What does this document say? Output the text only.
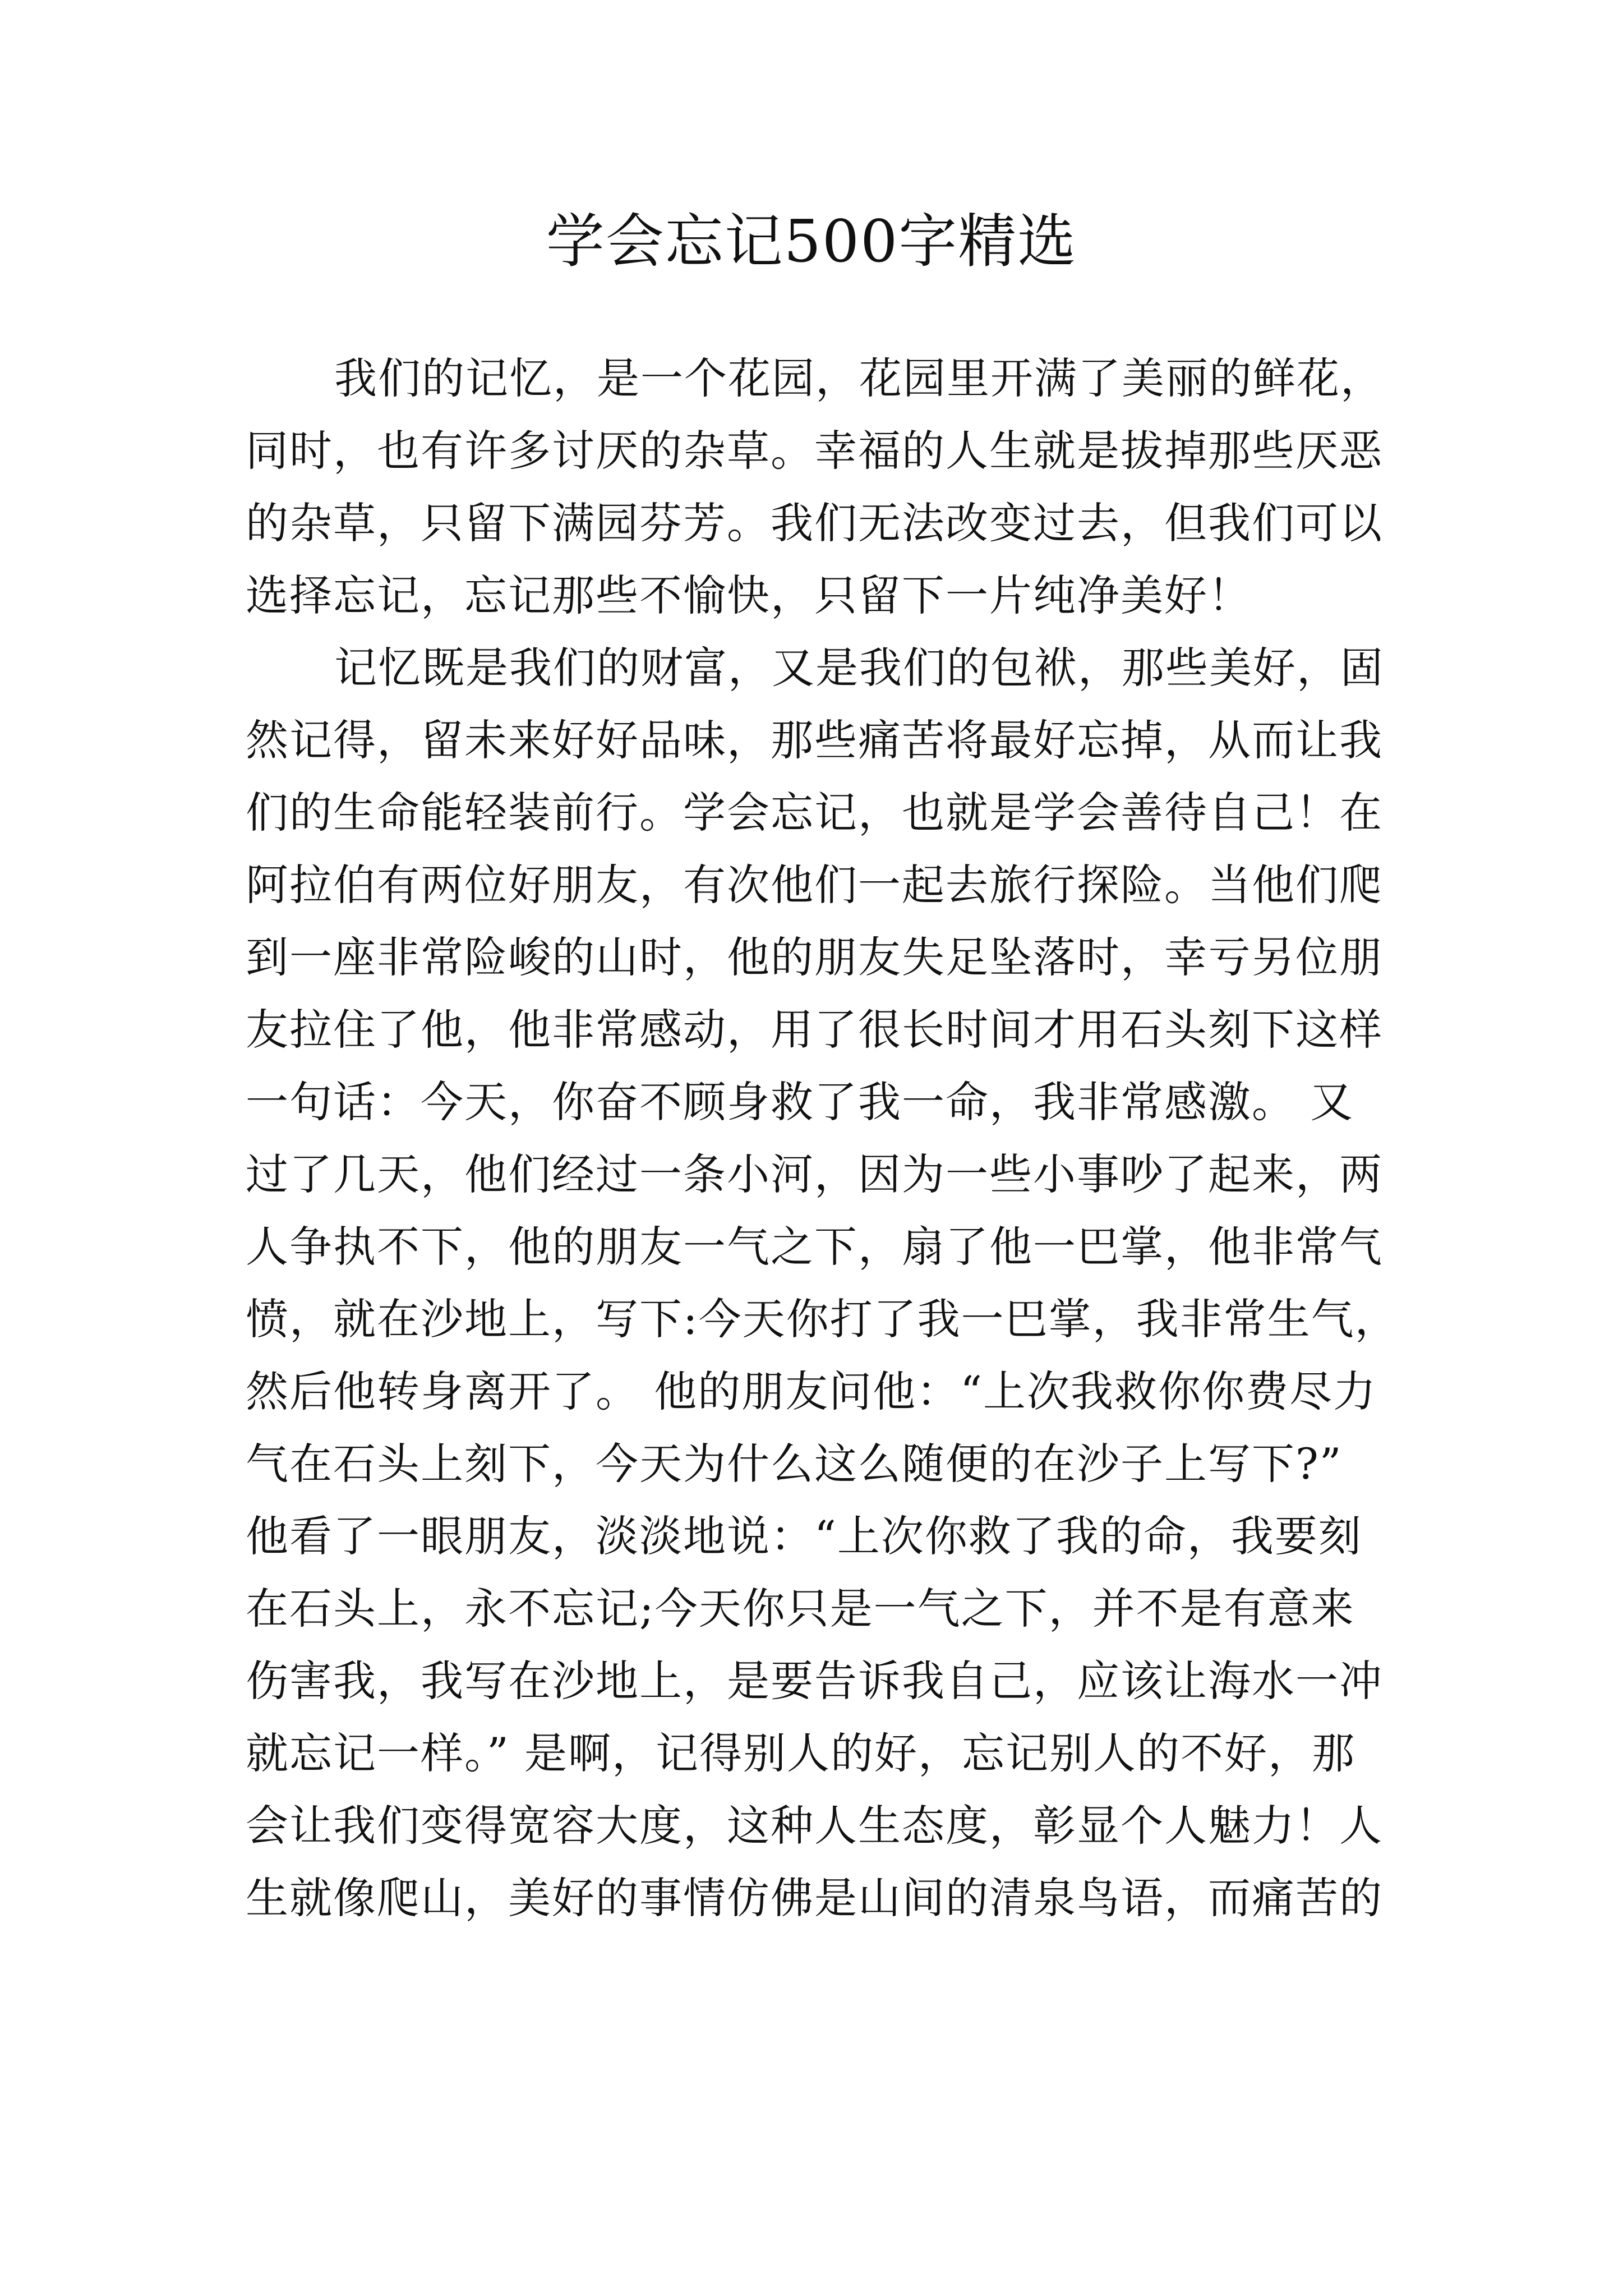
学会忘记500字精选

我们的记忆，是一个花园，花园里开满了美丽的鲜花，
同时，也有许多讨厌的杂草。幸福的人生就是拔掉那些厌恶
的杂草，只留下满园芬芳。我们无法改变过去，但我们可以
选择忘记，忘记那些不愉快，只留下一片纯净美好！

记忆既是我们的财富，又是我们的包袱，那些美好，固
然记得，留未来好好品味，那些痛苦将最好忘掉，从而让我
们的生命能轻装前行。学会忘记，也就是学会善待自己！在
阿拉伯有两位好朋友，有次他们一起去旅行探险。当他们爬
到一座非常险峻的山时，他的朋友失足坠落时，幸亏另位朋
友拉住了他，他非常感动，用了很长时间才用石头刻下这样
一句话：今天，你奋不顾身救了我一命，我非常感激。 又
过了几天，他们经过一条小河，因为一些小事吵了起来，两
人争执不下，他的朋友一气之下，扇了他一巴掌，他非常气
愤，就在沙地上，写下:今天你打了我一巴掌，我非常生气，
然后他转身离开了。 他的朋友问他：“上次我救你你费尽力
气在石头上刻下，今天为什么这么随便的在沙子上写下?”
他看了一眼朋友，淡淡地说：“上次你救了我的命，我要刻
在石头上，永不忘记;今天你只是一气之下，并不是有意来
伤害我，我写在沙地上，是要告诉我自己，应该让海水一冲
就忘记一样。” 是啊，记得别人的好，忘记别人的不好，那
会让我们变得宽容大度，这种人生态度，彰显个人魅力！人
生就像爬山，美好的事情仿佛是山间的清泉鸟语，而痛苦的
